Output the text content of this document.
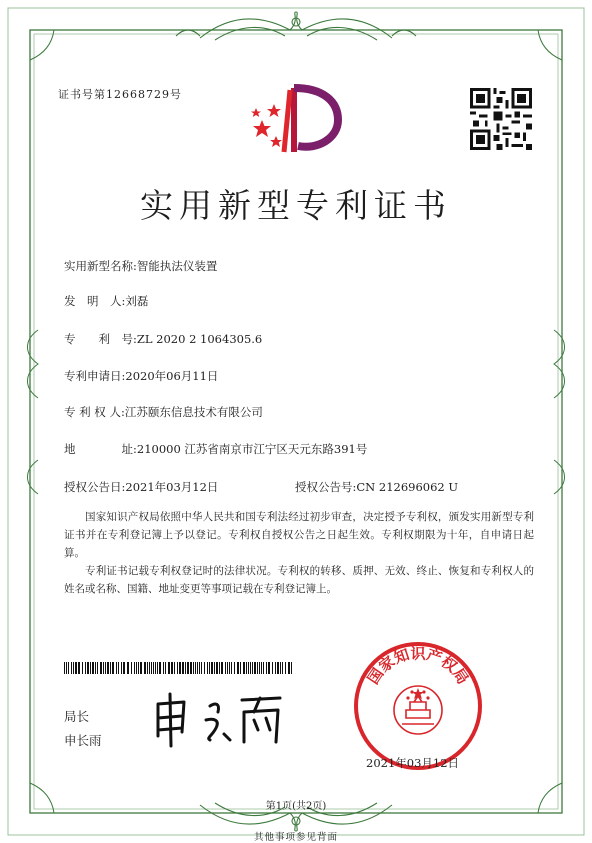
证书号第12668729号
实用新型专利证书
实用新型名称:智能执法仪装置
发　明　人:刘磊
专　　利　号:ZL 2020 2 1064305.6
专利申请日:2020年06月11日
专 利 权 人:江苏颐东信息技术有限公司
地　　　　址:210000 江苏省南京市江宁区天元东路391号
授权公告日:2021年03月12日	授权公告号:CN 212696062 U
国家知识产权局依照中华人民共和国专利法经过初步审查，决定授予专利权，颁发实用新型专利证书并在专利登记簿上予以登记。专利权自授权公告之日起生效。专利权期限为十年，自申请日起算。
专利证书记载专利权登记时的法律状况。专利权的转移、质押、无效、终止、恢复和专利权人的姓名或名称、国籍、地址变更等事项记载在专利登记簿上。
局长
申长雨
国家知识产权局
2021年03月12日
第1页(共2页)
其他事项参见背面
